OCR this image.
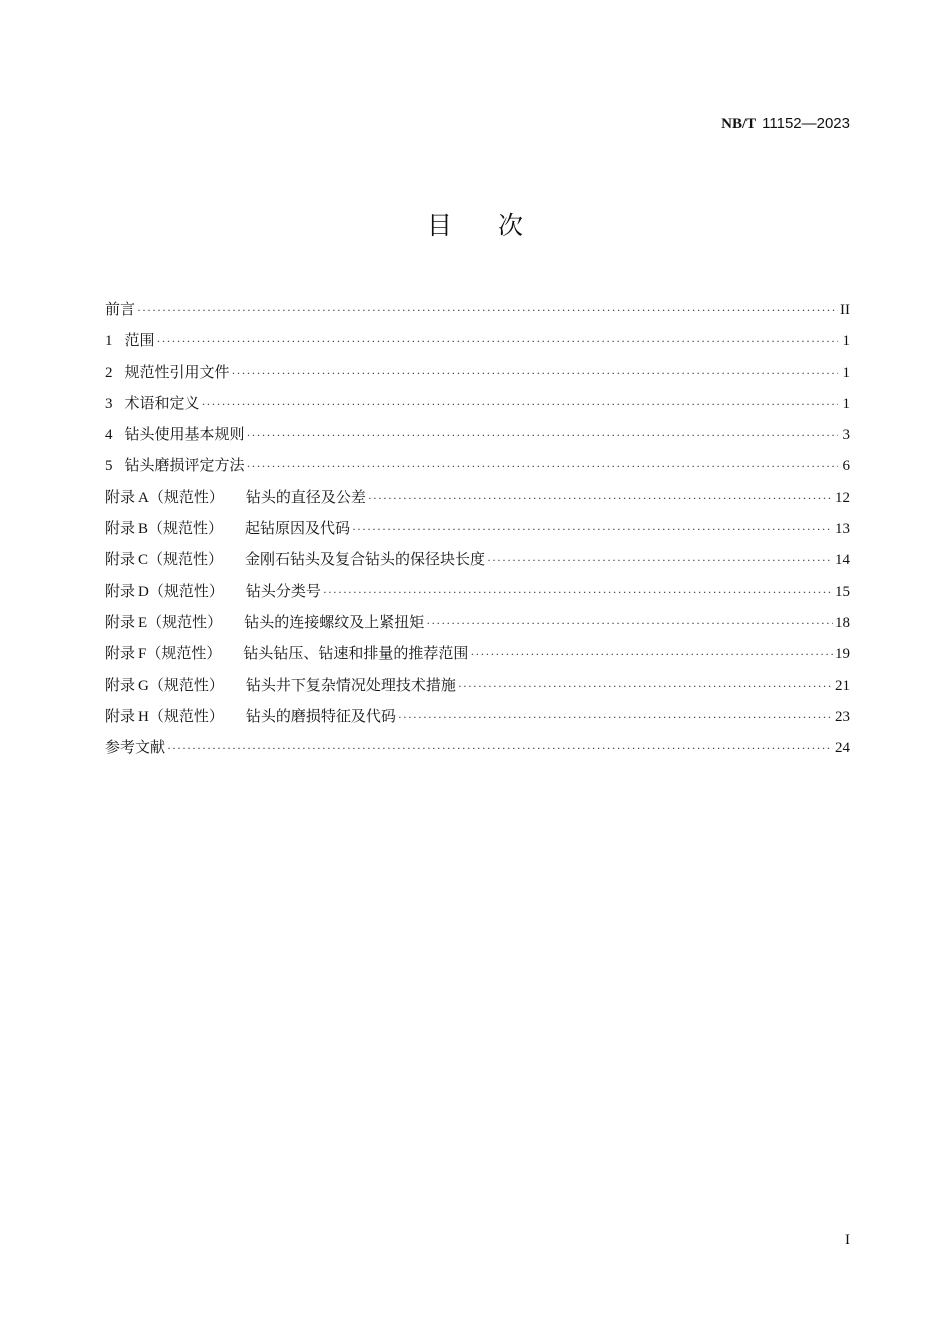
NB/T 11152—2023
目次
前言 ·····	II
1 范围 ·····	1
2 规范性引用文件 ·····	1
3 术语和定义 ·····	1
4 钻头使用基本规则 ·····	3
5 钻头磨损评定方法 ·····	6
附录 A（规范性） 钻头的直径及公差 ·····	12
附录 B（规范性） 起钻原因及代码 ·····	13
附录 C（规范性） 金刚石钻头及复合钻头的保径块长度 ·····	14
附录 D（规范性） 钻头分类号 ·····	15
附录 E（规范性） 钻头的连接螺纹及上紧扭矩 ·····	18
附录 F（规范性） 钻头钻压、钻速和排量的推荐范围 ·····	19
附录 G（规范性） 钻头井下复杂情况处理技术措施 ·····	21
附录 H（规范性） 钻头的磨损特征及代码 ·····	23
参考文献 ·····	24
I
